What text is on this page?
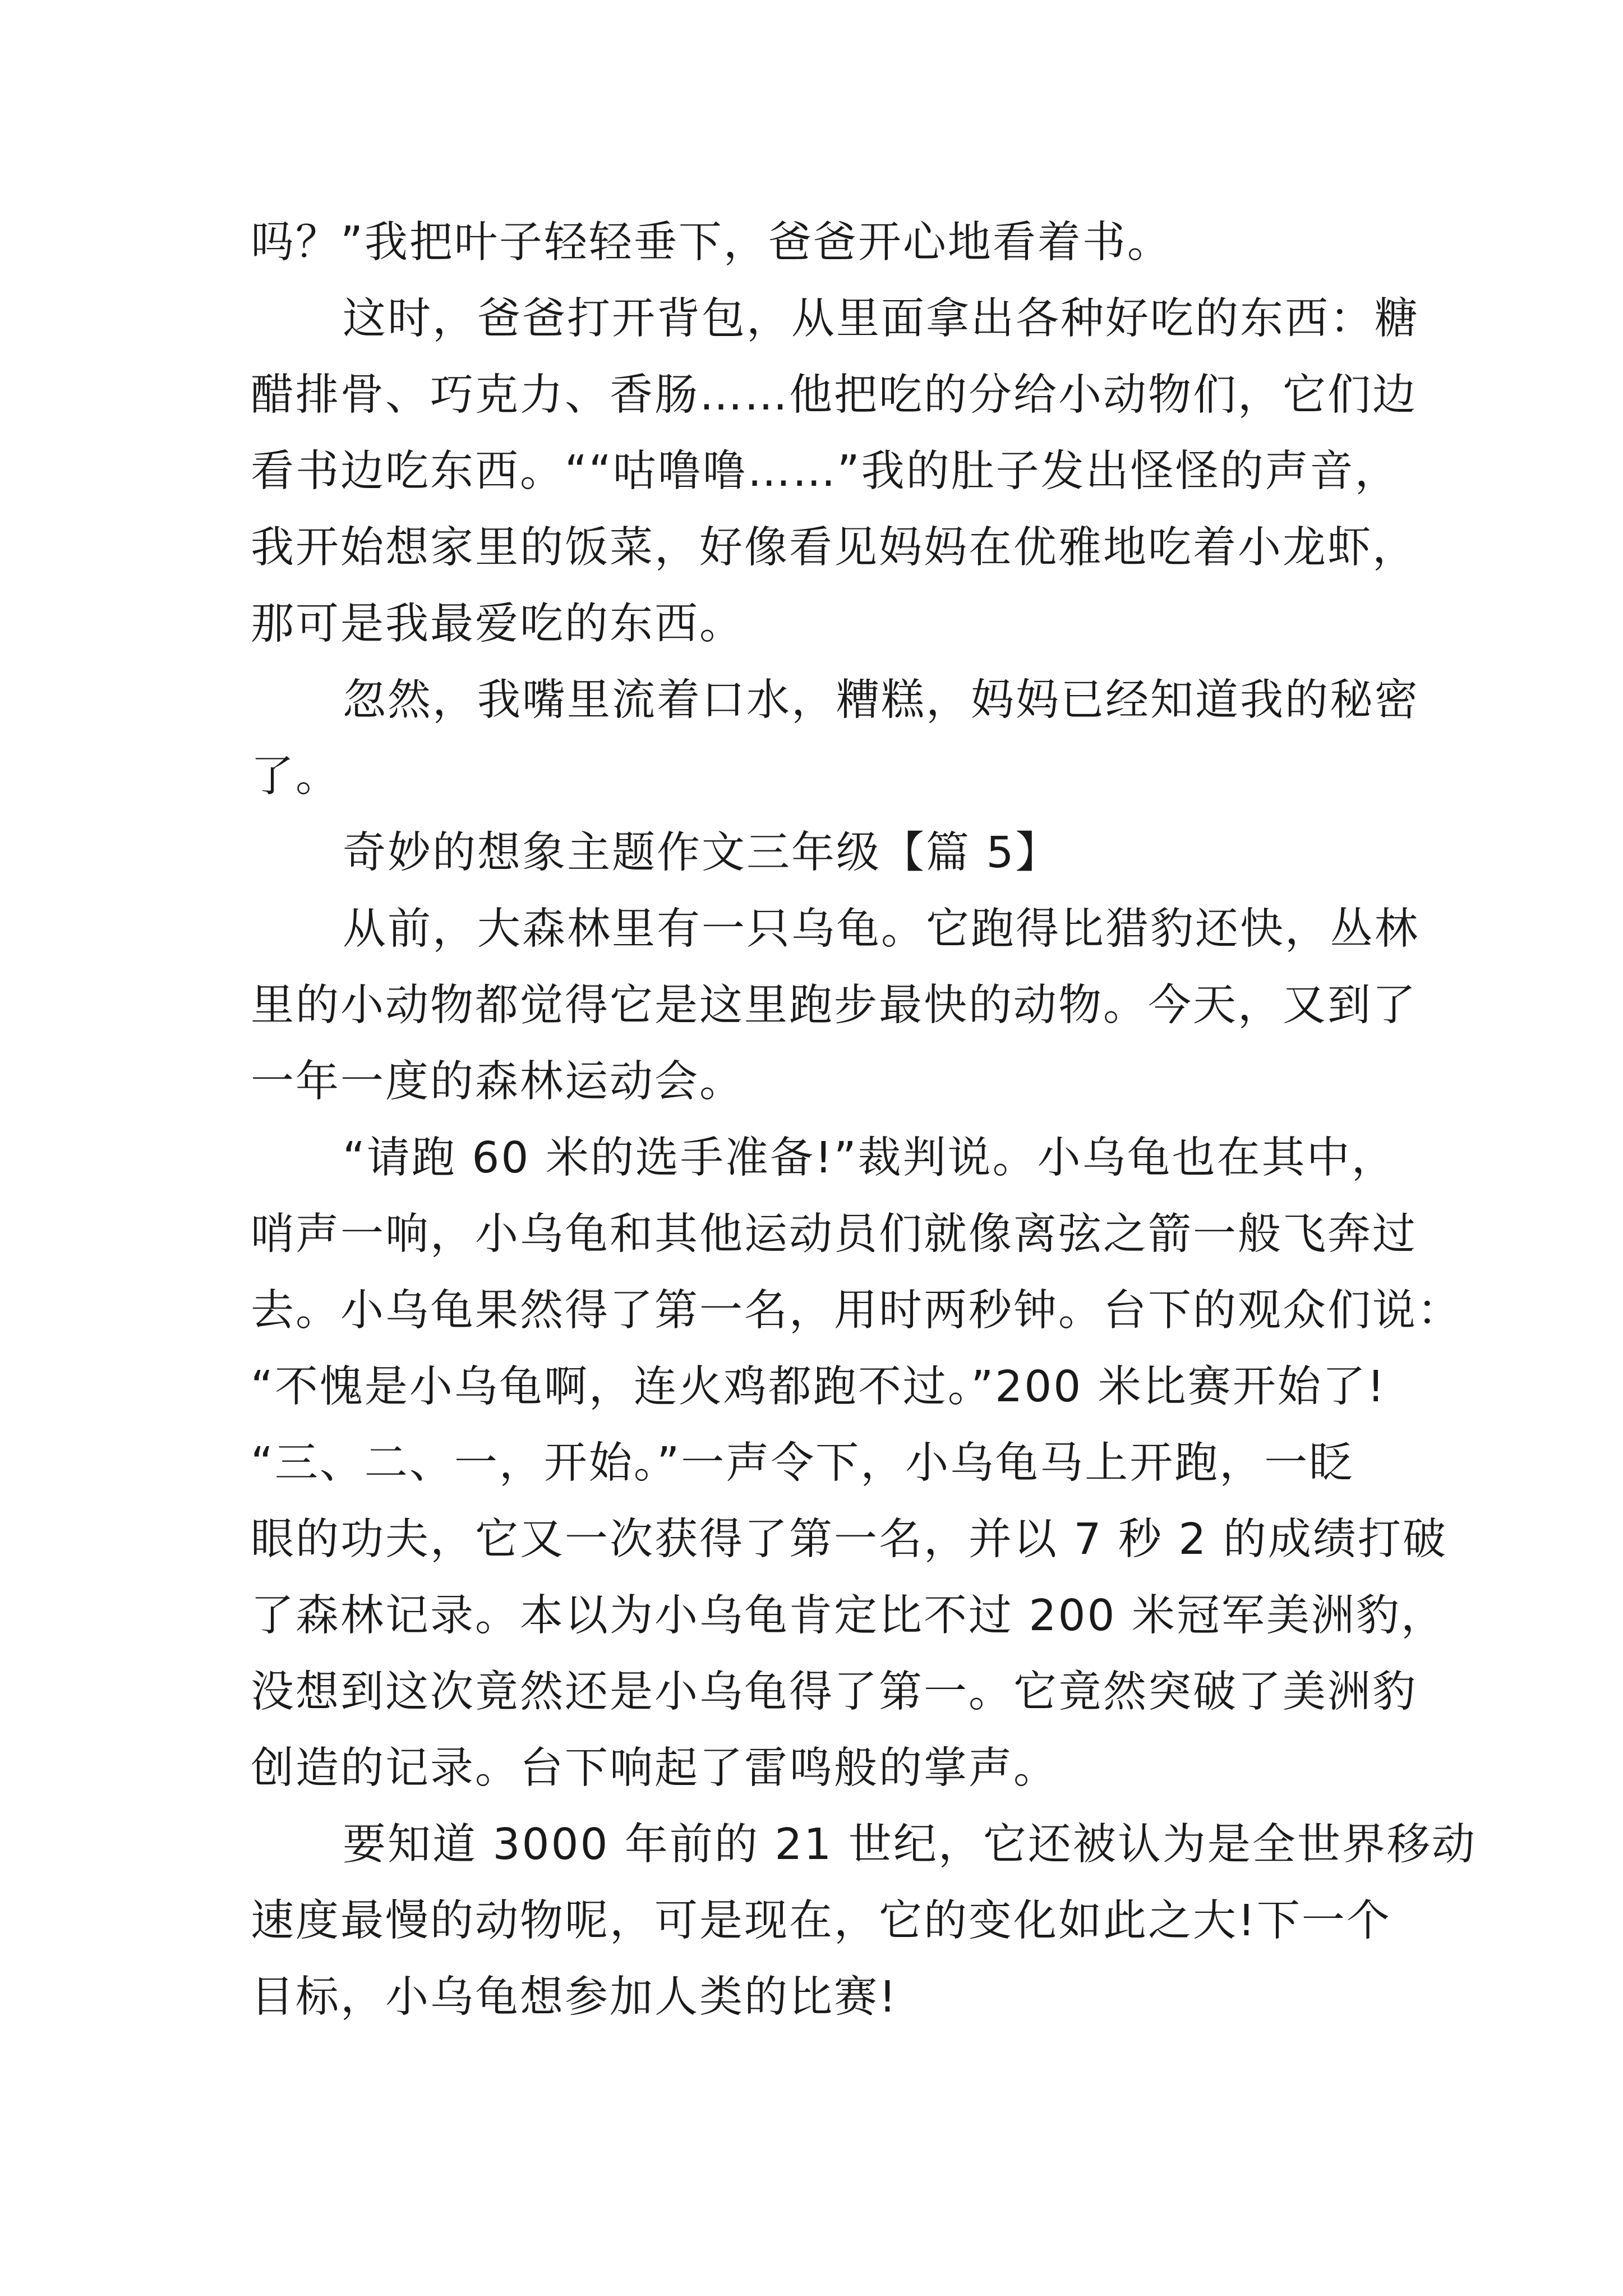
吗？”我把叶子轻轻垂下，爸爸开心地看着书。
这时，爸爸打开背包，从里面拿出各种好吃的东西：糖
醋排骨、巧克力、香肠……他把吃的分给小动物们，它们边
看书边吃东西。““咕噜噜……”我的肚子发出怪怪的声音，
我开始想家里的饭菜，好像看见妈妈在优雅地吃着小龙虾，
那可是我最爱吃的东西。
忽然，我嘴里流着口水，糟糕，妈妈已经知道我的秘密
了。
奇妙的想象主题作文三年级【篇 5】
从前，大森林里有一只乌龟。它跑得比猎豹还快，丛林
里的小动物都觉得它是这里跑步最快的动物。今天，又到了
一年一度的森林运动会。
“请跑 60 米的选手准备!”裁判说。小乌龟也在其中，
哨声一响，小乌龟和其他运动员们就像离弦之箭一般飞奔过
去。小乌龟果然得了第一名，用时两秒钟。台下的观众们说：
“不愧是小乌龟啊，连火鸡都跑不过。”200 米比赛开始了!
“三、二、一，开始。”一声令下，小乌龟马上开跑，一眨
眼的功夫，它又一次获得了第一名，并以 7 秒 2 的成绩打破
了森林记录。本以为小乌龟肯定比不过 200 米冠军美洲豹，
没想到这次竟然还是小乌龟得了第一。它竟然突破了美洲豹
创造的记录。台下响起了雷鸣般的掌声。
要知道 3000 年前的 21 世纪，它还被认为是全世界移动
速度最慢的动物呢，可是现在，它的变化如此之大!下一个
目标，小乌龟想参加人类的比赛!
